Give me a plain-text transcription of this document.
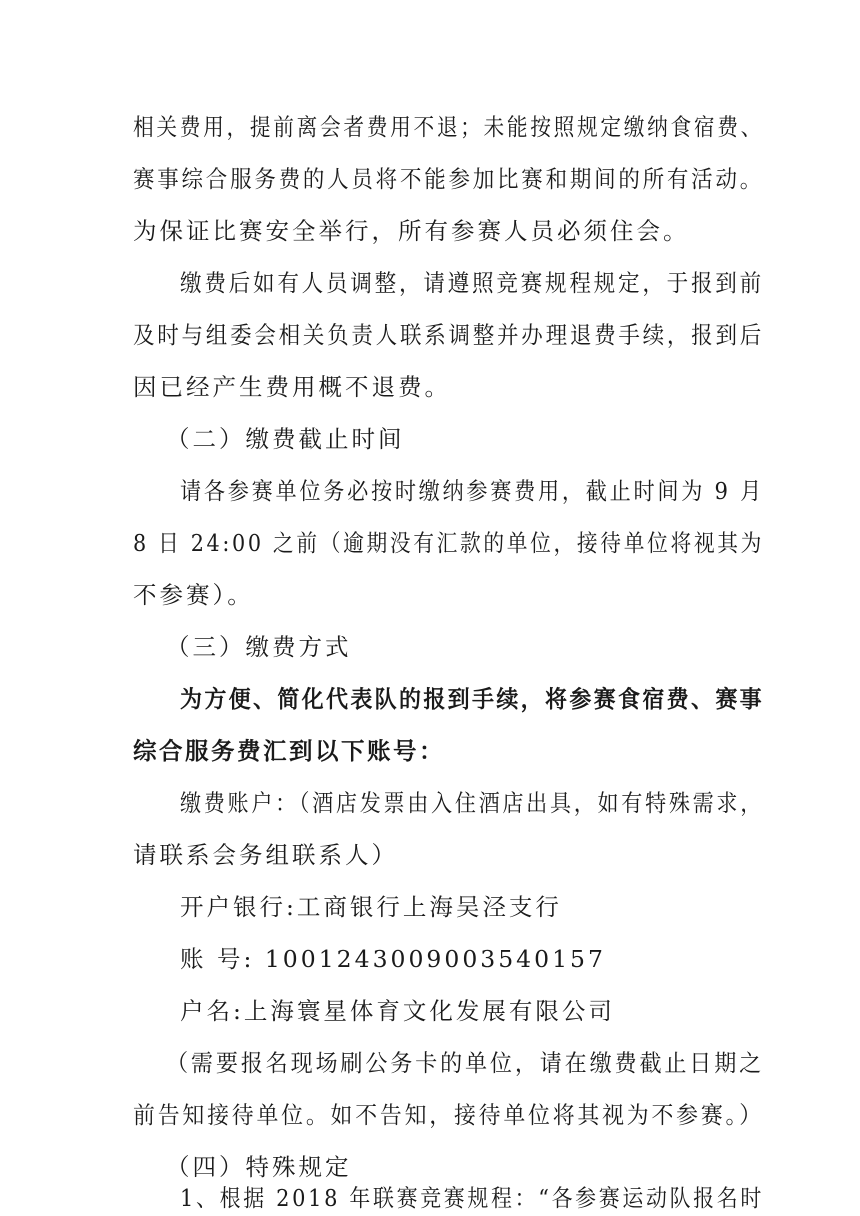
相关费用，提前离会者费用不退；未能按照规定缴纳食宿费、
赛事综合服务费的人员将不能参加比赛和期间的所有活动。
为保证比赛安全举行，所有参赛人员必须住会。
缴费后如有人员调整，请遵照竞赛规程规定，于报到前
及时与组委会相关负责人联系调整并办理退费手续，报到后
因已经产生费用概不退费。
（二）缴费截止时间
请各参赛单位务必按时缴纳参赛费用，截止时间为 9 月
8 日 24:00 之前（逾期没有汇款的单位，接待单位将视其为
不参赛）。
（三）缴费方式
为方便、简化代表队的报到手续，将参赛食宿费、赛事
综合服务费汇到以下账号：
缴费账户：（酒店发票由入住酒店出具，如有特殊需求，
请联系会务组联系人）
开户银行:工商银行上海吴泾支行
账 号: 1001243009003540157
户名:上海寰星体育文化发展有限公司
（需要报名现场刷公务卡的单位，请在缴费截止日期之
前告知接待单位。如不告知，接待单位将其视为不参赛。）
（四）特殊规定
1、根据 2018 年联赛竞赛规程：“各参赛运动队报名时
